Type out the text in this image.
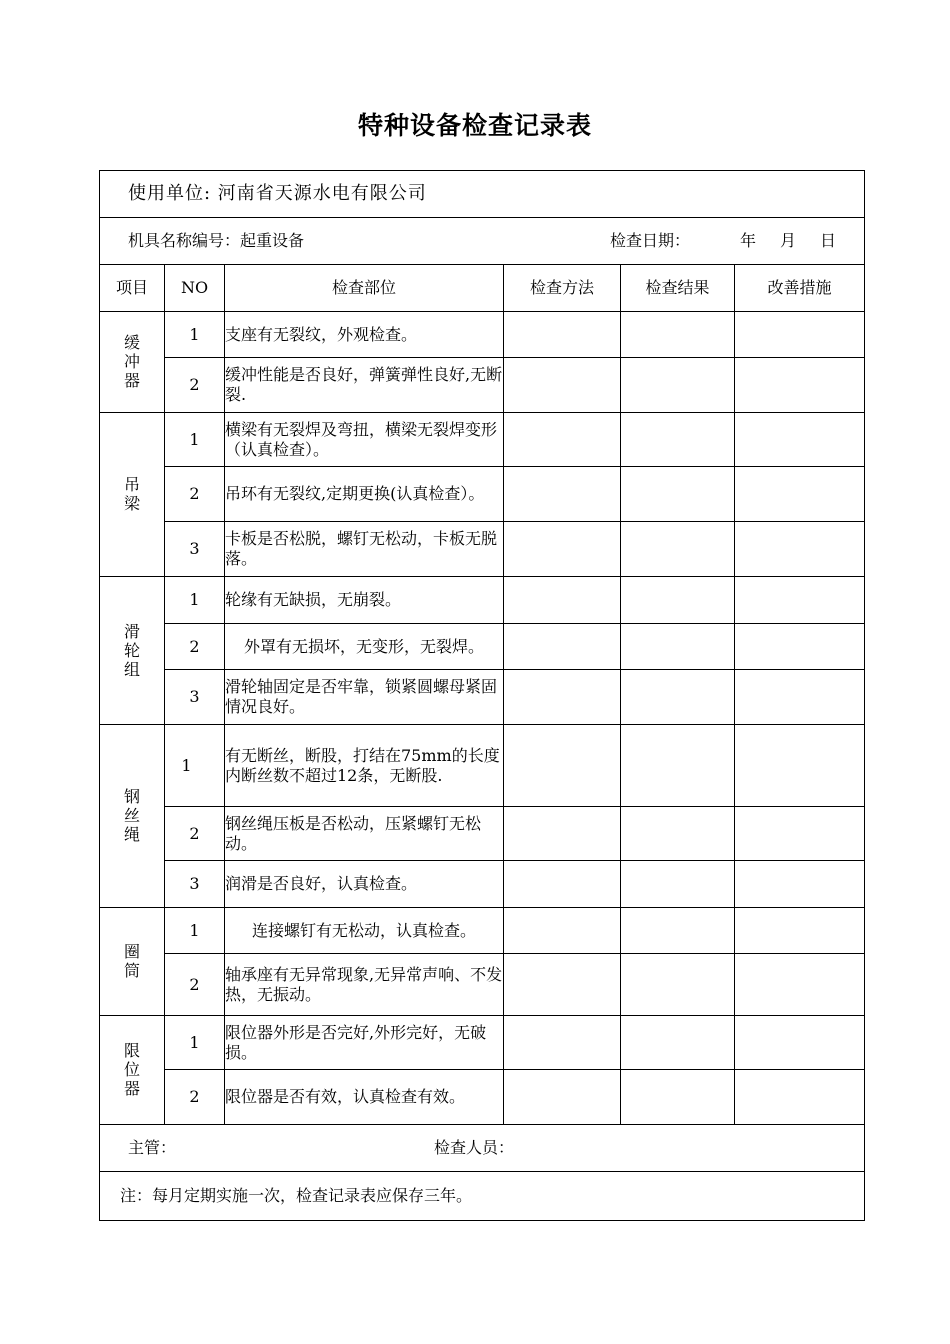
特种设备检查记录表
使用单位: 河南省天源水电有限公司					

机具名称编号：起重设备 检查日期： 年 月 日					

项目	NO	检查部位	检查方法	检查结果	改善措施
缓冲器	1	支座有无裂纹，外观检查。			
	2	缓冲性能是否良好，弹簧弹性良好,无断裂.			
吊梁	1	横梁有无裂焊及弯扭，横梁无裂焊变形（认真检查）。			
	2	吊环有无裂纹,定期更换(认真检查）。			
	3	卡板是否松脱，螺钉无松动，卡板无脱落。			
滑轮组	1	轮缘有无缺损，无崩裂。			
	2	外罩有无损坏，无变形，无裂焊。			
	3	滑轮轴固定是否牢靠，锁紧圆螺母紧固情况良好。			
钢丝绳	1	有无断丝，断股，打结在75mm的长度内断丝数不超过12条，无断股.			
	2	钢丝绳压板是否松动，压紧螺钉无松动。			
	3	润滑是否良好，认真检查。			
圈筒	1	连接螺钉有无松动，认真检查。			
	2	轴承座有无异常现象,无异常声响、不发热，无振动。			
限位器	1	限位器外形是否完好,外形完好，无破损。			
	2	限位器是否有效，认真检查有效。			

主管： 检查人员：					

注：每月定期实施一次，检查记录表应保存三年。					
